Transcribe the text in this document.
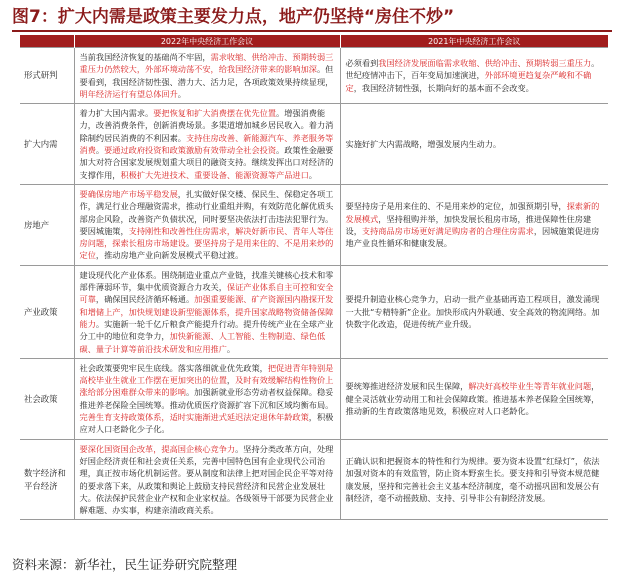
图7：扩大内需是政策主要发力点，地产仍坚持“房住不炒”
	2022年中央经济工作会议	2021年中央经济工作会议
形式研判	当前我国经济恢复的基础尚不牢固，需求收缩、供给冲击、预期转弱三重压力仍然较大，外部环境动荡不安，给我国经济带来的影响加深。但要看到，我国经济韧性强、潜力大、活力足，各项政策效果持续显现，明年经济运行有望总体回升。	必须看到我国经济发展面临需求收缩、供给冲击、预期转弱三重压力。世纪疫情冲击下，百年变局加速演进，外部环境更趋复杂严峻和不确定，我国经济韧性强，长期向好的基本面不会改变。
扩大内需	着力扩大国内需求。要把恢复和扩大消费摆在优先位置。增强消费能力，改善消费条件，创新消费场景。多渠道增加城乡居民收入。着力消除制约居民消费的不利因素。支持住房改善、新能源汽车、养老服务等消费。要通过政府投资和政策激励有效带动全社会投资。政策性金融要加大对符合国家发展规划重大项目的融资支持。继续发挥出口对经济的支撑作用，积极扩大先进技术、重要设备、能源资源等产品进口。	实施好扩大内需战略，增强发展内生动力。
房地产	要确保房地产市场平稳发展，扎实做好保交楼、保民生、保稳定各项工作，满足行业合理融资需求，推动行业重组并购，有效防范化解优质头部房企风险，改善资产负债状况，同时要坚决依法打击违法犯罪行为。要因城施策，支持刚性和改善性住房需求，解决好新市民、青年人等住房问题，探索长租房市场建设。要坚持房子是用来住的、不是用来炒的定位，推动房地产业向新发展模式平稳过渡。	要坚持房子是用来住的、不是用来炒的定位，加强预期引导，探索新的发展模式，坚持租购并举，加快发展长租房市场，推进保障性住房建设，支持商品房市场更好满足购房者的合理住房需求，因城施策促进房地产业良性循环和健康发展。
产业政策	建设现代化产业体系。围绕制造业重点产业链，找准关键核心技术和零部件薄弱环节，集中优质资源合力攻关，保证产业体系自主可控和安全可靠，确保国民经济循环畅通。加强重要能源、矿产资源国内勘探开发和增储上产，加快规划建设新型能源体系，提升国家战略物资储备保障能力。实施新一轮千亿斤粮食产能提升行动。提升传统产业在全球产业分工中的地位和竞争力，加快新能源、人工智能、生物制造、绿色低碳、量子计算等前沿技术研发和应用推广。	要提升制造业核心竞争力，启动一批产业基础再造工程项目，激发涌现一大批“专精特新”企业。加快形成内外联通、安全高效的物流网络。加快数字化改造，促进传统产业升级。
社会政策	社会政策要兜牢民生底线。落实落细就业优先政策，把促进青年特别是高校毕业生就业工作摆在更加突出的位置，及时有效缓解结构性物价上涨给部分困难群众带来的影响。加强新就业形态劳动者权益保障。稳妥推进养老保险全国统筹。推动优质医疗资源扩容下沉和区域均衡布局。完善生育支持政策体系，适时实施渐进式延迟法定退休年龄政策，积极应对人口老龄化少子化。	要统筹推进经济发展和民生保障，解决好高校毕业生等青年就业问题，健全灵活就业劳动用工和社会保障政策。推进基本养老保险全国统筹，推动新的生育政策落地见效，积极应对人口老龄化。
数字经济和平台经济	要深化国资国企改革，提高国企核心竞争力。坚持分类改革方向，处理好国企经济责任和社会责任关系，完善中国特色国有企业现代公司治理，真正按市场化机制运营。要从制度和法律上把对国企民企平等对待的要求落下来，从政策和舆论上鼓励支持民营经济和民营企业发展壮大。依法保护民营企业产权和企业家权益。各级领导干部要为民营企业解难题、办实事，构建亲清政商关系。	正确认识和把握资本的特性和行为规律。要为资本设置“红绿灯”，依法加强对资本的有效监管，防止资本野蛮生长。要支持和引导资本规范健康发展，坚持和完善社会主义基本经济制度，毫不动摇巩固和发展公有制经济，毫不动摇鼓励、支持、引导非公有制经济发展。
资料来源：新华社，民生证券研究院整理
